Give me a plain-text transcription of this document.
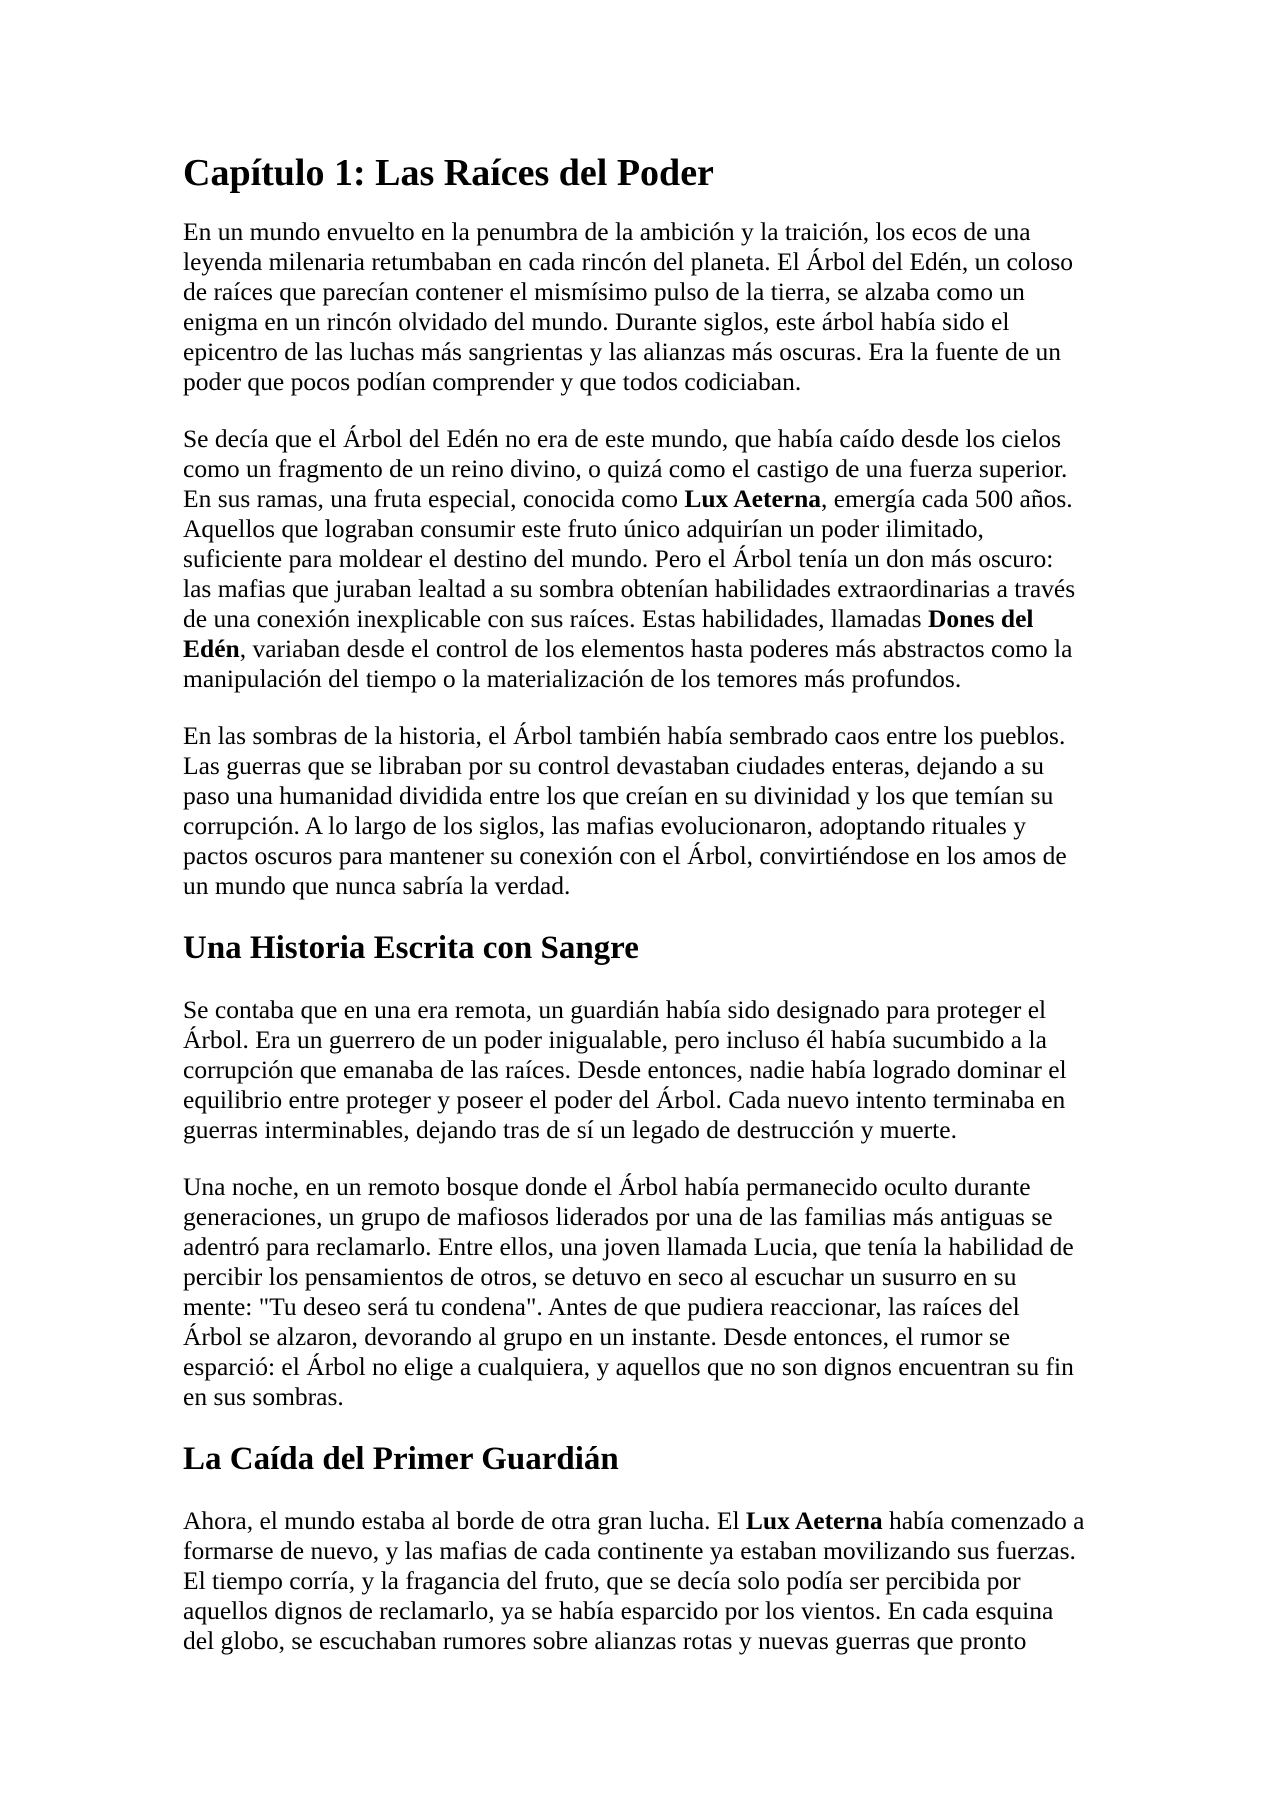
Capítulo 1: Las Raíces del Poder

En un mundo envuelto en la penumbra de la ambición y la traición, los ecos de una leyenda milenaria retumbaban en cada rincón del planeta. El Árbol del Edén, un coloso de raíces que parecían contener el mismísimo pulso de la tierra, se alzaba como un enigma en un rincón olvidado del mundo. Durante siglos, este árbol había sido el epicentro de las luchas más sangrientas y las alianzas más oscuras. Era la fuente de un poder que pocos podían comprender y que todos codiciaban.

Se decía que el Árbol del Edén no era de este mundo, que había caído desde los cielos como un fragmento de un reino divino, o quizá como el castigo de una fuerza superior. En sus ramas, una fruta especial, conocida como Lux Aeterna, emergía cada 500 años. Aquellos que lograban consumir este fruto único adquirían un poder ilimitado, suficiente para moldear el destino del mundo. Pero el Árbol tenía un don más oscuro: las mafias que juraban lealtad a su sombra obtenían habilidades extraordinarias a través de una conexión inexplicable con sus raíces. Estas habilidades, llamadas Dones del Edén, variaban desde el control de los elementos hasta poderes más abstractos como la manipulación del tiempo o la materialización de los temores más profundos.

En las sombras de la historia, el Árbol también había sembrado caos entre los pueblos. Las guerras que se libraban por su control devastaban ciudades enteras, dejando a su paso una humanidad dividida entre los que creían en su divinidad y los que temían su corrupción. A lo largo de los siglos, las mafias evolucionaron, adoptando rituales y pactos oscuros para mantener su conexión con el Árbol, convirtiéndose en los amos de un mundo que nunca sabría la verdad.

Una Historia Escrita con Sangre

Se contaba que en una era remota, un guardián había sido designado para proteger el Árbol. Era un guerrero de un poder inigualable, pero incluso él había sucumbido a la corrupción que emanaba de las raíces. Desde entonces, nadie había logrado dominar el equilibrio entre proteger y poseer el poder del Árbol. Cada nuevo intento terminaba en guerras interminables, dejando tras de sí un legado de destrucción y muerte.

Una noche, en un remoto bosque donde el Árbol había permanecido oculto durante generaciones, un grupo de mafiosos liderados por una de las familias más antiguas se adentró para reclamarlo. Entre ellos, una joven llamada Lucia, que tenía la habilidad de percibir los pensamientos de otros, se detuvo en seco al escuchar un susurro en su mente: "Tu deseo será tu condena". Antes de que pudiera reaccionar, las raíces del Árbol se alzaron, devorando al grupo en un instante. Desde entonces, el rumor se esparció: el Árbol no elige a cualquiera, y aquellos que no son dignos encuentran su fin en sus sombras.

La Caída del Primer Guardián

Ahora, el mundo estaba al borde de otra gran lucha. El Lux Aeterna había comenzado a formarse de nuevo, y las mafias de cada continente ya estaban movilizando sus fuerzas. El tiempo corría, y la fragancia del fruto, que se decía solo podía ser percibida por aquellos dignos de reclamarlo, ya se había esparcido por los vientos. En cada esquina del globo, se escuchaban rumores sobre alianzas rotas y nuevas guerras que pronto
